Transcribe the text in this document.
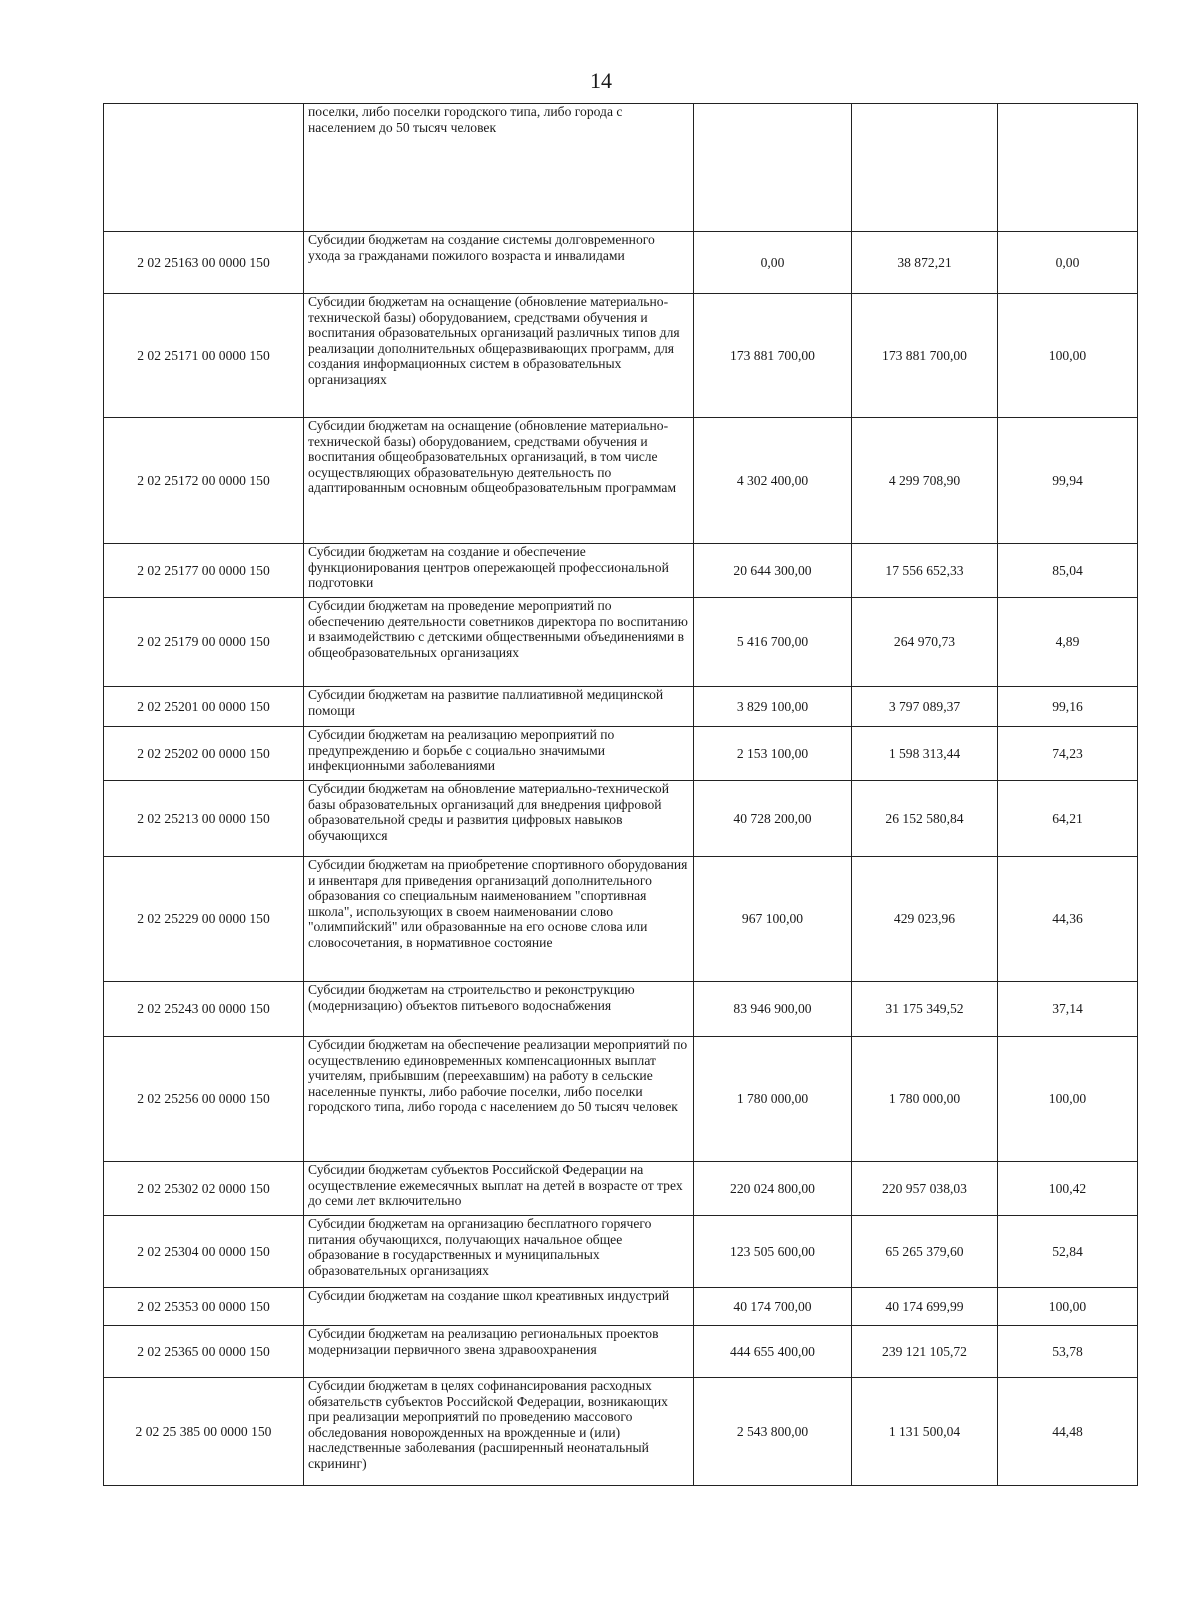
14
	поселки, либо поселки городского типа, либо города с населением до 50 тысяч человек			
2 02 25163 00 0000 150	Субсидии бюджетам на создание системы долговременного ухода за гражданами пожилого возраста и инвалидами	0,00	38 872,21	0,00
2 02 25171 00 0000 150	Субсидии бюджетам на оснащение (обновление материально-технической базы) оборудованием, средствами обучения и воспитания образовательных организаций различных типов для реализации дополнительных общеразвивающих программ, для создания информационных систем в образовательных организациях	173 881 700,00	173 881 700,00	100,00
2 02 25172 00 0000 150	Субсидии бюджетам на оснащение (обновление материально-технической базы) оборудованием, средствами обучения и воспитания общеобразовательных организаций, в том числе осуществляющих образовательную деятельность по адаптированным основным общеобразовательным программам	4 302 400,00	4 299 708,90	99,94
2 02 25177 00 0000 150	Субсидии бюджетам на создание и обеспечение функционирования центров опережающей профессиональной подготовки	20 644 300,00	17 556 652,33	85,04
2 02 25179 00 0000 150	Субсидии бюджетам на проведение мероприятий по обеспечению деятельности советников директора по воспитанию и взаимодействию с детскими общественными объединениями в общеобразовательных организациях	5 416 700,00	264 970,73	4,89
2 02 25201 00 0000 150	Субсидии бюджетам на развитие паллиативной медицинской помощи	3 829 100,00	3 797 089,37	99,16
2 02 25202 00 0000 150	Субсидии бюджетам на реализацию мероприятий по предупреждению и борьбе с социально значимыми инфекционными заболеваниями	2 153 100,00	1 598 313,44	74,23
2 02 25213 00 0000 150	Субсидии бюджетам на обновление материально-технической базы образовательных организаций для внедрения цифровой образовательной среды и развития цифровых навыков обучающихся	40 728 200,00	26 152 580,84	64,21
2 02 25229 00 0000 150	Субсидии бюджетам на приобретение спортивного оборудования и инвентаря для приведения организаций дополнительного образования со специальным наименованием "спортивная школа", использующих в своем наименовании слово "олимпийский" или образованные на его основе слова или словосочетания, в нормативное состояние	967 100,00	429 023,96	44,36
2 02 25243 00 0000 150	Субсидии бюджетам на строительство и реконструкцию (модернизацию) объектов питьевого водоснабжения	83 946 900,00	31 175 349,52	37,14
2 02 25256 00 0000 150	Субсидии бюджетам на обеспечение реализации мероприятий по осуществлению единовременных компенсационных выплат учителям, прибывшим (переехавшим) на работу в сельские населенные пункты, либо рабочие поселки, либо поселки городского типа, либо города с населением до 50 тысяч человек	1 780 000,00	1 780 000,00	100,00
2 02 25302 02 0000 150	Субсидии бюджетам субъектов Российской Федерации на осуществление ежемесячных выплат на детей в возрасте от трех до семи лет включительно	220 024 800,00	220 957 038,03	100,42
2 02 25304 00 0000 150	Субсидии бюджетам на организацию бесплатного горячего питания обучающихся, получающих начальное общее образование в государственных и муниципальных образовательных организациях	123 505 600,00	65 265 379,60	52,84
2 02 25353 00 0000 150	Субсидии бюджетам на создание школ креативных индустрий	40 174 700,00	40 174 699,99	100,00
2 02 25365 00 0000 150	Субсидии бюджетам на реализацию региональных проектов модернизации первичного звена здравоохранения	444 655 400,00	239 121 105,72	53,78
2 02 25 385 00 0000 150	Субсидии бюджетам в целях софинансирования расходных обязательств субъектов Российской Федерации, возникающих при реализации мероприятий по проведению массового обследования новорожденных на врожденные и (или) наследственные заболевания (расширенный неонатальный скрининг)	2 543 800,00	1 131 500,04	44,48
